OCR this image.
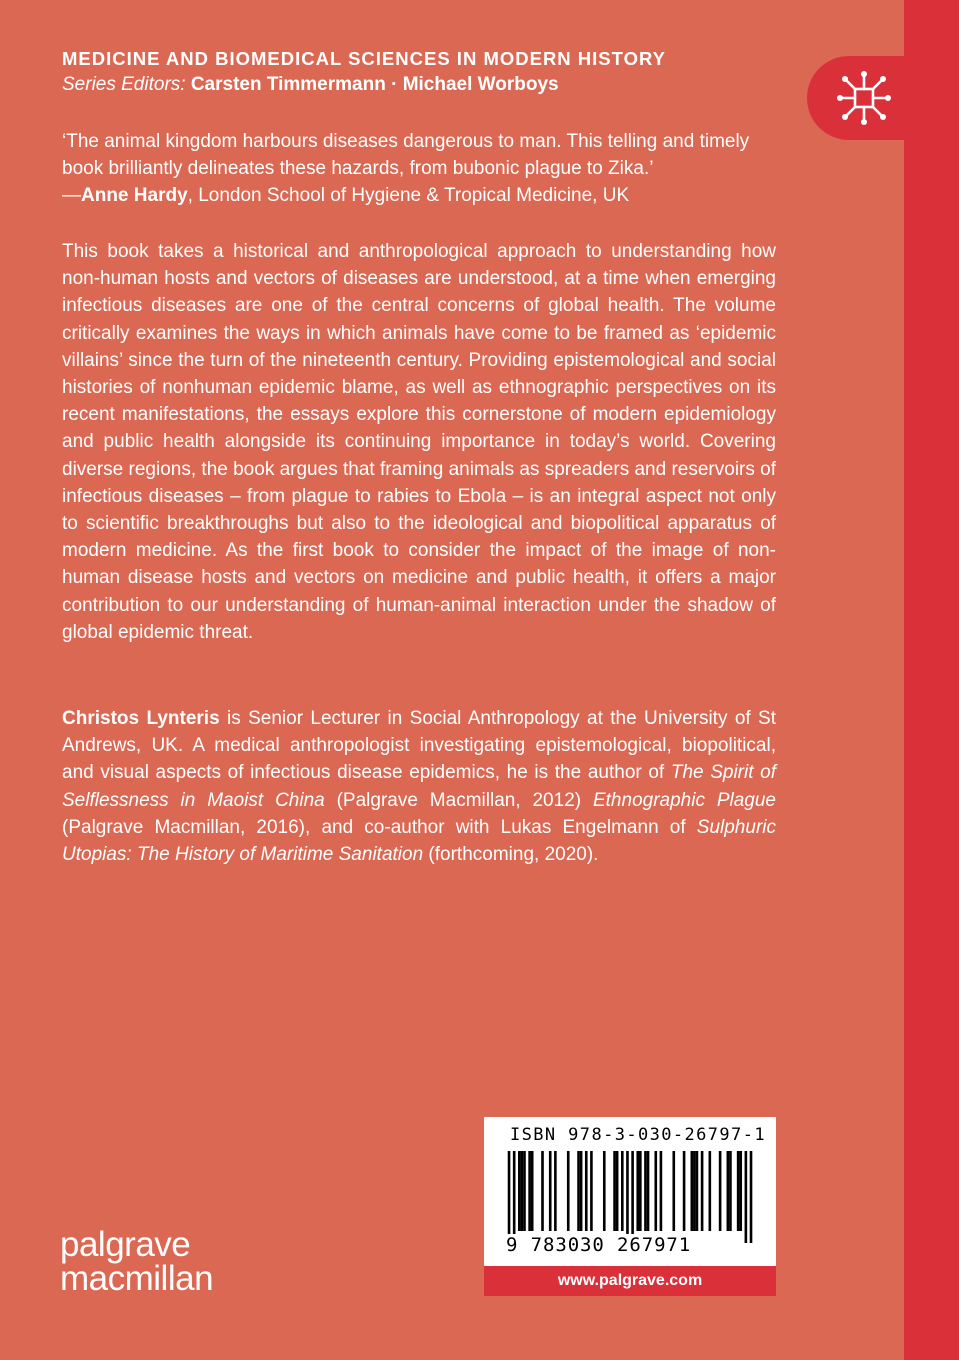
MEDICINE AND BIOMEDICAL SCIENCES IN MODERN HISTORY
Series Editors: Carsten Timmermann · Michael Worboys
‘The animal kingdom harbours diseases dangerous to man. This telling and timely book brilliantly delineates these hazards, from bubonic plague to Zika.’
—Anne Hardy, London School of Hygiene & Tropical Medicine, UK
This book takes a historical and anthropological approach to understanding how non-human hosts and vectors of diseases are understood, at a time when emerging infectious diseases are one of the central concerns of global health. The volume critically examines the ways in which animals have come to be framed as ‘epidemic villains’ since the turn of the nineteenth century. Providing epistemological and social histories of nonhuman epidemic blame, as well as ethnographic perspectives on its recent manifestations, the essays explore this cornerstone of modern epidemiology and public health alongside its continuing importance in today’s world. Covering diverse regions, the book argues that framing animals as spreaders and reservoirs of infectious diseases – from plague to rabies to Ebola – is an integral aspect not only to scientific breakthroughs but also to the ideological and biopolitical apparatus of modern medicine. As the first book to consider the impact of the image of non-human disease hosts and vectors on medicine and public health, it offers a major contribution to our understanding of human-animal interaction under the shadow of global epidemic threat.
Christos Lynteris is Senior Lecturer in Social Anthropology at the University of St Andrews, UK. A medical anthropologist investigating epistemological, biopolitical, and visual aspects of infectious disease epidemics, he is the author of The Spirit of Selflessness in Maoist China (Palgrave Macmillan, 2012) Ethnographic Plague (Palgrave Macmillan, 2016), and co-author with Lukas Engelmann of Sulphuric Utopias: The History of Maritime Sanitation (forthcoming, 2020).
ISBN 978-3-030-26797-1
9 783030 267971
www.palgrave.com
palgrave
macmillan
